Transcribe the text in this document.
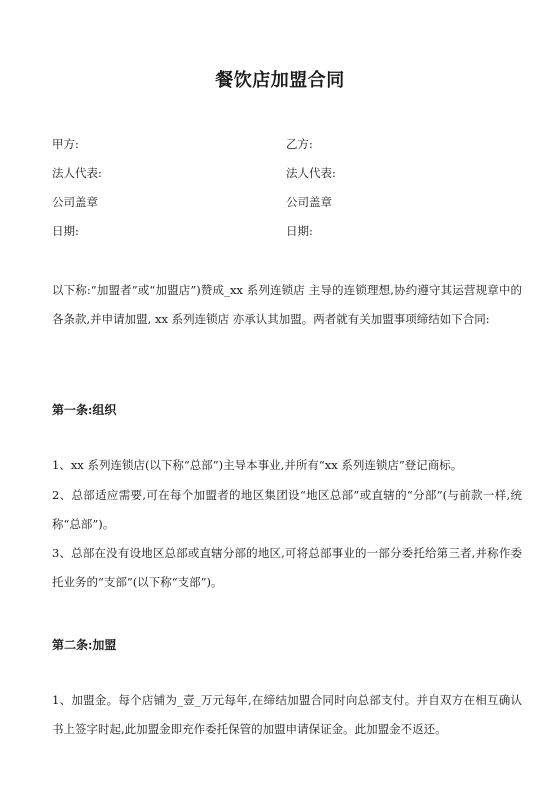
餐饮店加盟合同
甲方:	乙方:
法人代表:	法人代表:
公司盖章	公司盖章
日期:	日期:
以下称:“加盟者”或“加盟店”)赞成_xx 系列连锁店 主导的连锁理想,协约遵守其运营规章中的各条款,并申请加盟, xx 系列连锁店 亦承认其加盟。两者就有关加盟事项缔结如下合同:
第一条:组织
1、xx 系列连锁店(以下称“总部”)主导本事业,并所有“xx 系列连锁店”登记商标。
2、总部适应需要,可在每个加盟者的地区集团设“地区总部”或直辖的“分部”(与前款一样,统称“总部”)。
3、总部在没有设地区总部或直辖分部的地区,可将总部事业的一部分委托给第三者,并称作委托业务的“支部”(以下称“支部”)。
第二条:加盟
1、加盟金。每个店铺为_壹_万元每年,在缔结加盟合同时向总部支付。并自双方在相互确认书上签字时起,此加盟金即充作委托保管的加盟申请保证金。此加盟金不返还。
